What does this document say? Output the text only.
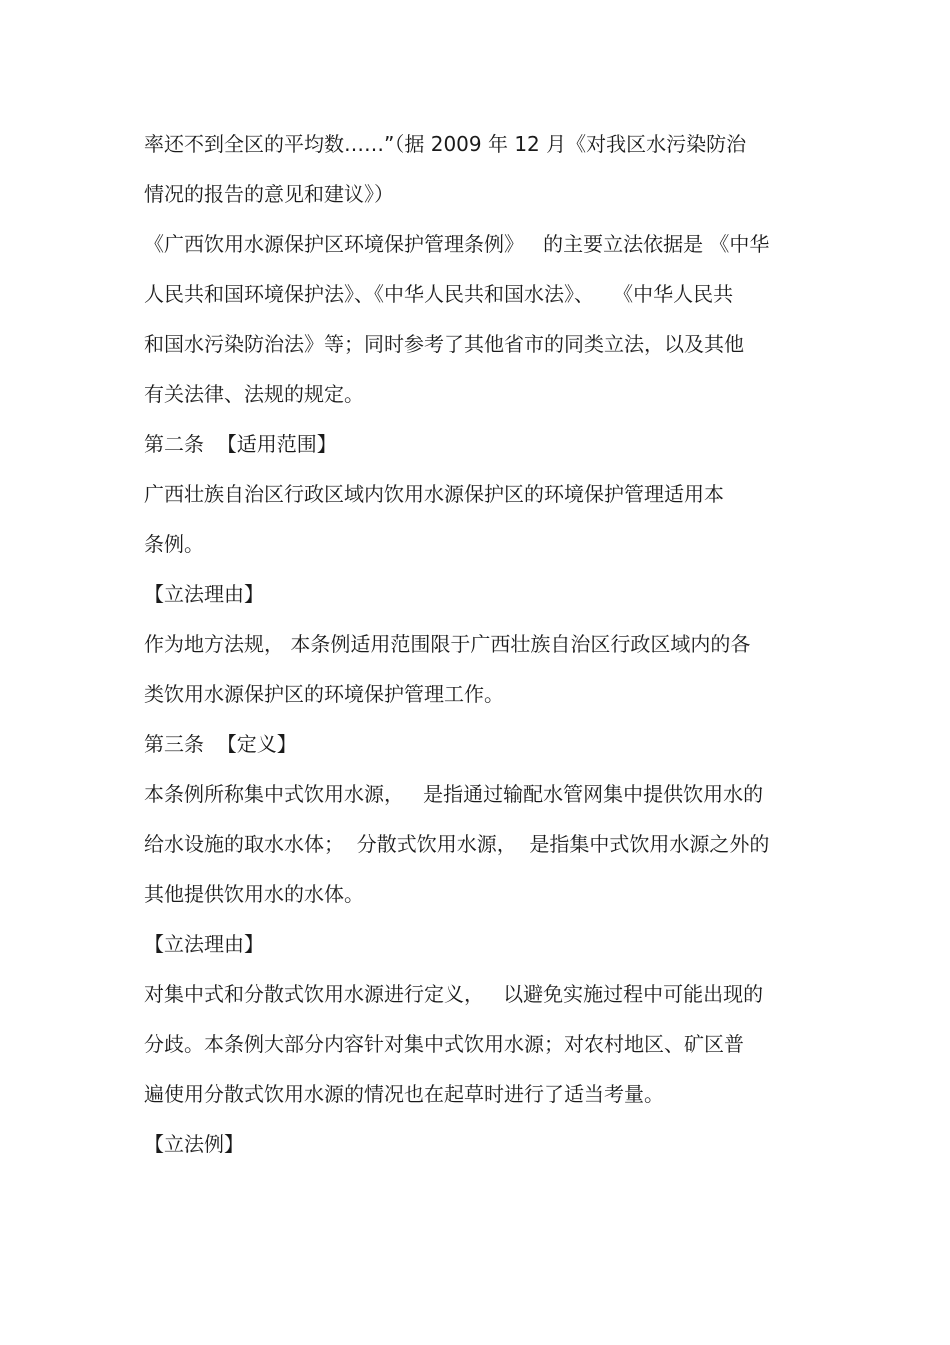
率还不到全区的平均数……”（据 2009 年 12 月《对我区水污染防治
情况的报告的意见和建议》）
《广西饮用水源保护区环境保护管理条例》   的主要立法依据是 《中华
人民共和国环境保护法》、《中华人民共和国水法》、   《中华人民共
和国水污染防治法》等；同时参考了其他省市的同类立法，以及其他
有关法律、法规的规定。
第二条  【适用范围】
广西壮族自治区行政区域内饮用水源保护区的环境保护管理适用本
条例。
【立法理由】
作为地方法规， 本条例适用范围限于广西壮族自治区行政区域内的各
类饮用水源保护区的环境保护管理工作。
第三条  【定义】
本条例所称集中式饮用水源，   是指通过输配水管网集中提供饮用水的
给水设施的取水水体；  分散式饮用水源，  是指集中式饮用水源之外的
其他提供饮用水的水体。
【立法理由】
对集中式和分散式饮用水源进行定义，   以避免实施过程中可能出现的
分歧。本条例大部分内容针对集中式饮用水源；对农村地区、矿区普
遍使用分散式饮用水源的情况也在起草时进行了适当考量。
【立法例】
